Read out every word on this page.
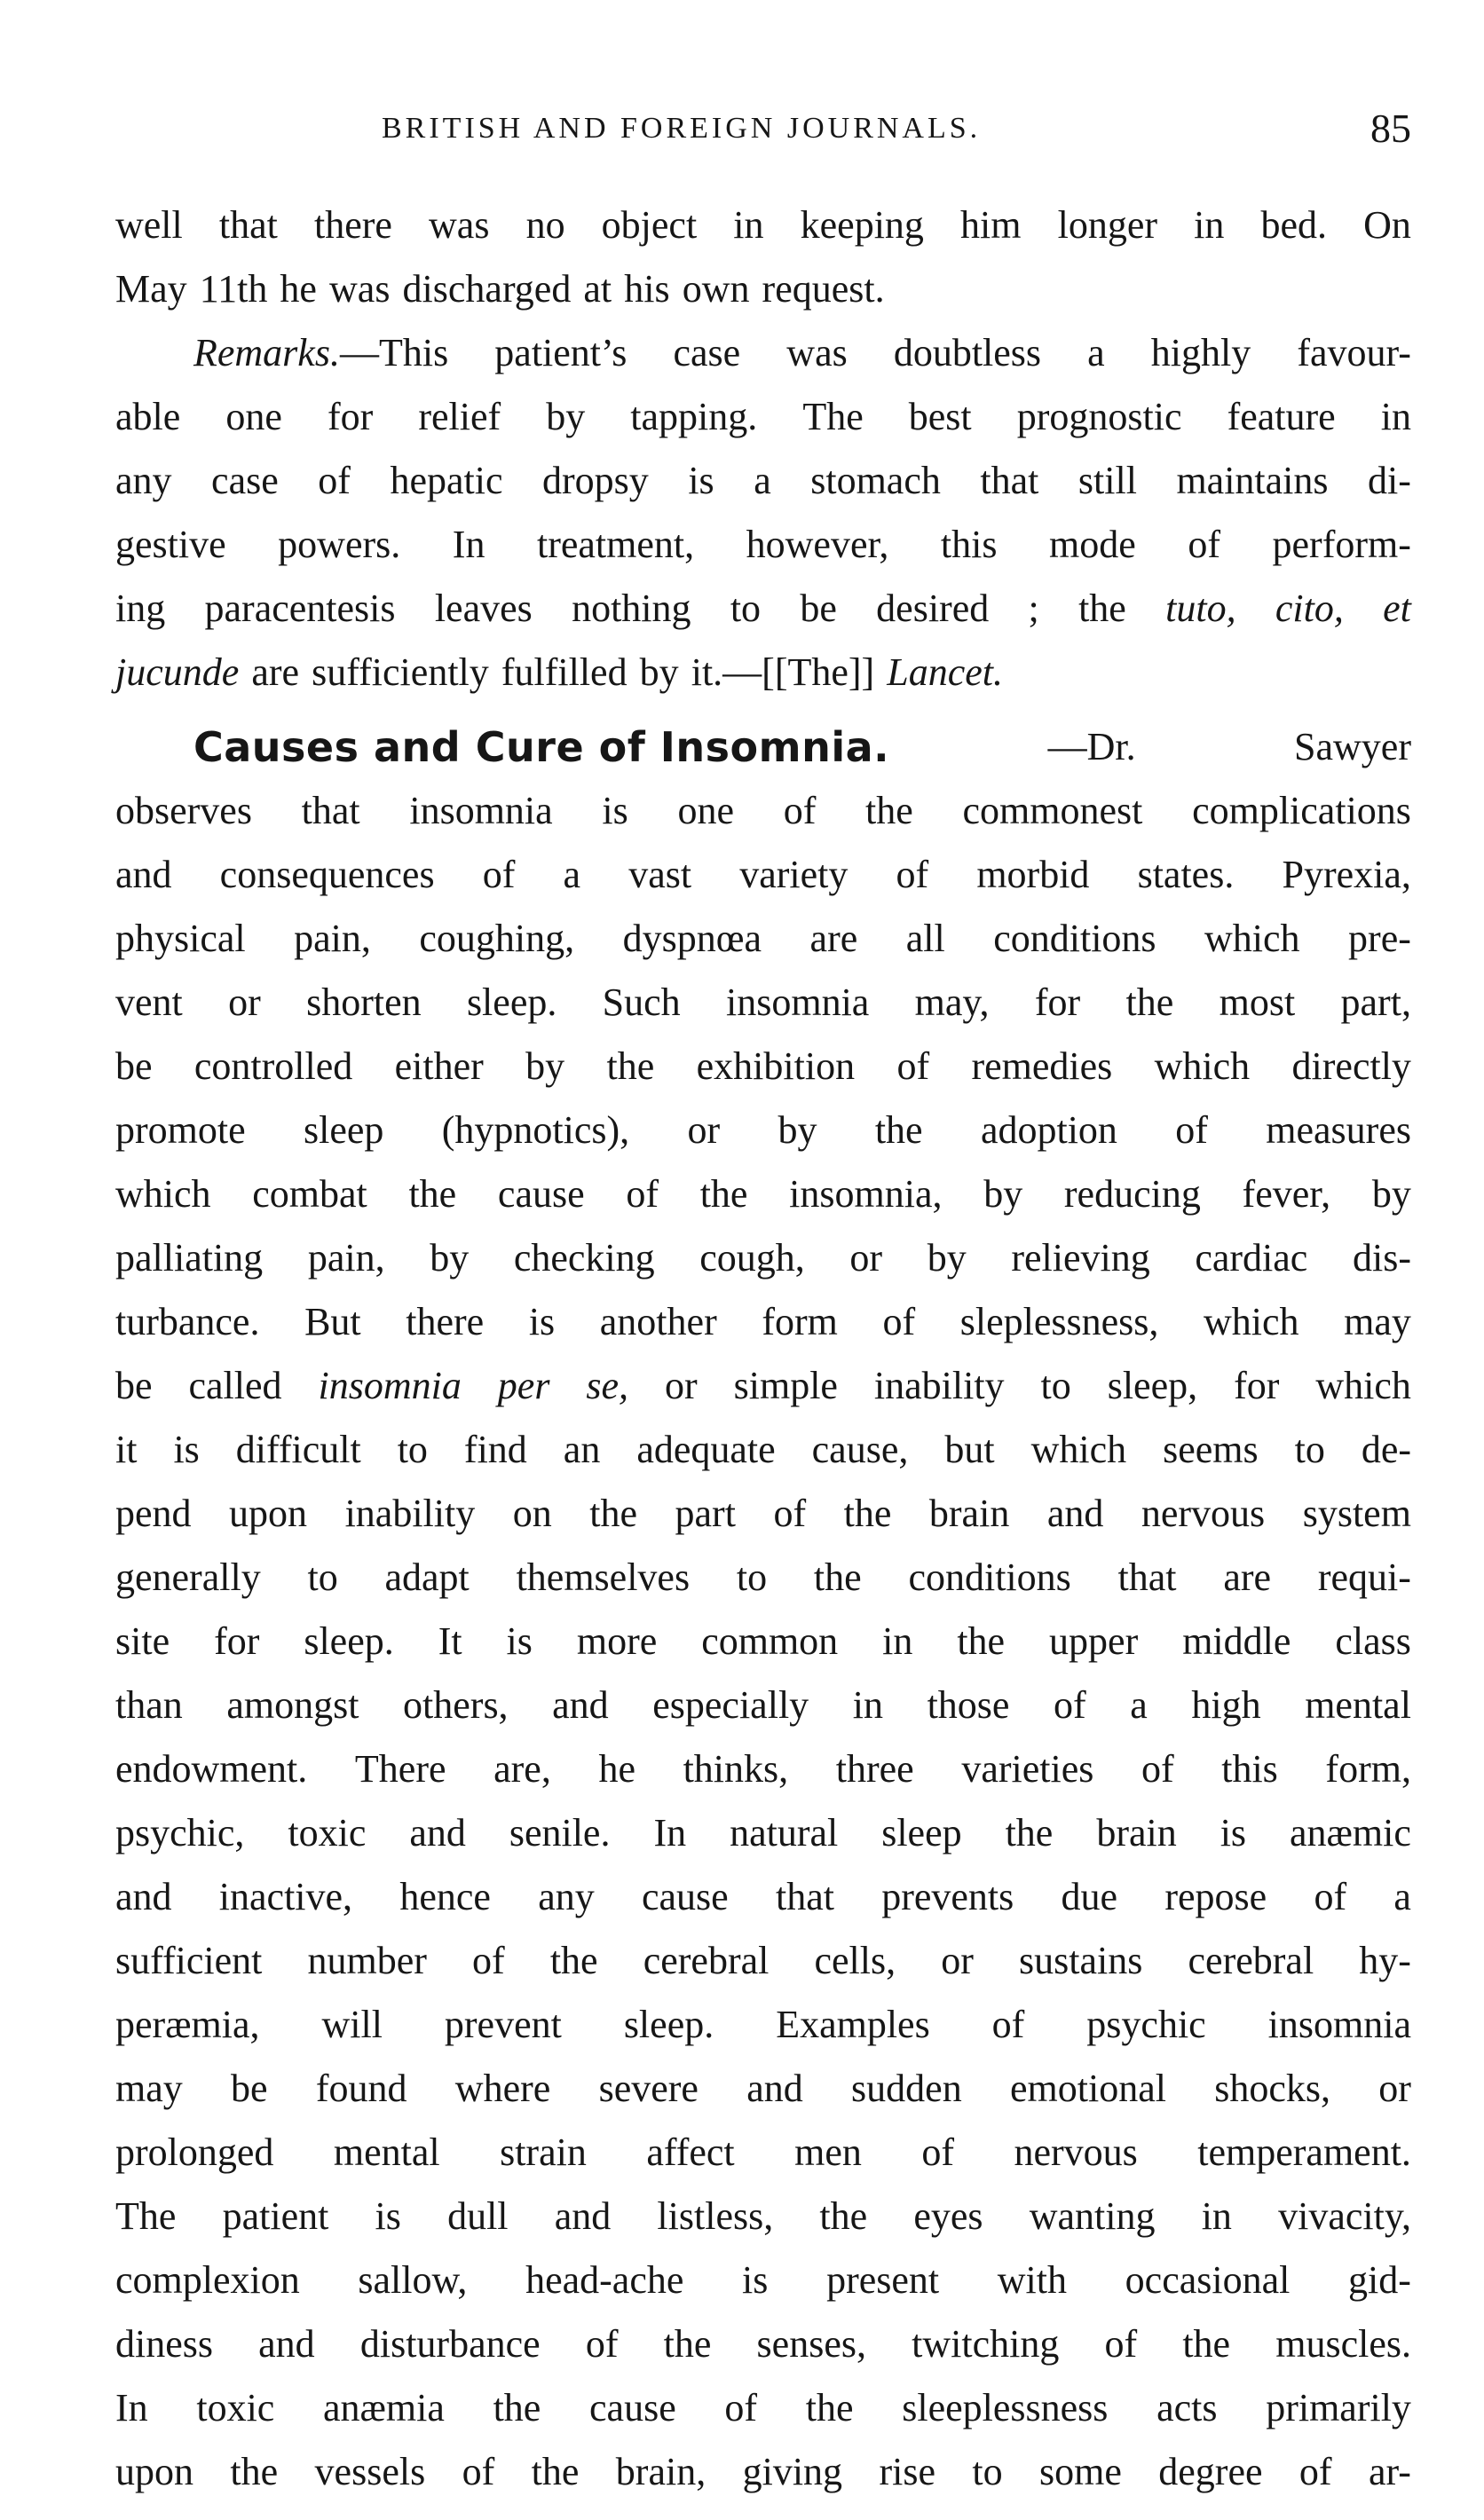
BRITISH AND FOREIGN JOURNALS.	85
well that there was no object in keeping him longer in bed. On
May 11th he was discharged at his own request.
Remarks.—This patient’s case was doubtless a highly favour-
able one for relief by tapping. The best prognostic feature in
any case of hepatic dropsy is a stomach that still maintains di-
gestive powers. In treatment, however, this mode of perform-
ing paracentesis leaves nothing to be desired ; the tuto, cito, et
jucunde are sufficiently fulfilled by it.—[[The]] Lancet.
Causes and Cure of Insomnia.	—Dr.	Sawyer
observes that insomnia is one of the commonest complications
and consequences of a vast variety of morbid states. Pyrexia,
physical pain, coughing, dyspnœa are all conditions which pre-
vent or shorten sleep. Such insomnia may, for the most part,
be controlled either by the exhibition of remedies which directly
promote sleep (hypnotics), or by the adoption of measures
which combat the cause of the insomnia, by reducing fever, by
palliating pain, by checking cough, or by relieving cardiac dis-
turbance. But there is another form of sleplessness, which may
be called insomnia per se, or simple inability to sleep, for which
it is difficult to find an adequate cause, but which seems to de-
pend upon inability on the part of the brain and nervous system
generally to adapt themselves to the conditions that are requi-
site for sleep. It is more common in the upper middle class
than amongst others, and especially in those of a high mental
endowment. There are, he thinks, three varieties of this form,
psychic, toxic and senile. In natural sleep the brain is anæmic
and inactive, hence any cause that prevents due repose of a
sufficient number of the cerebral cells, or sustains cerebral hy-
peræmia, will prevent sleep. Examples of psychic insomnia
may be found where severe and sudden emotional shocks, or
prolonged mental strain affect men of nervous temperament.
The patient is dull and listless, the eyes wanting in vivacity,
complexion sallow, head-ache is present with occasional gid-
diness and disturbance of the senses, twitching of the muscles.
In toxic anæmia the cause of the sleeplessness acts primarily
upon the vessels of the brain, giving rise to some degree of ar-
